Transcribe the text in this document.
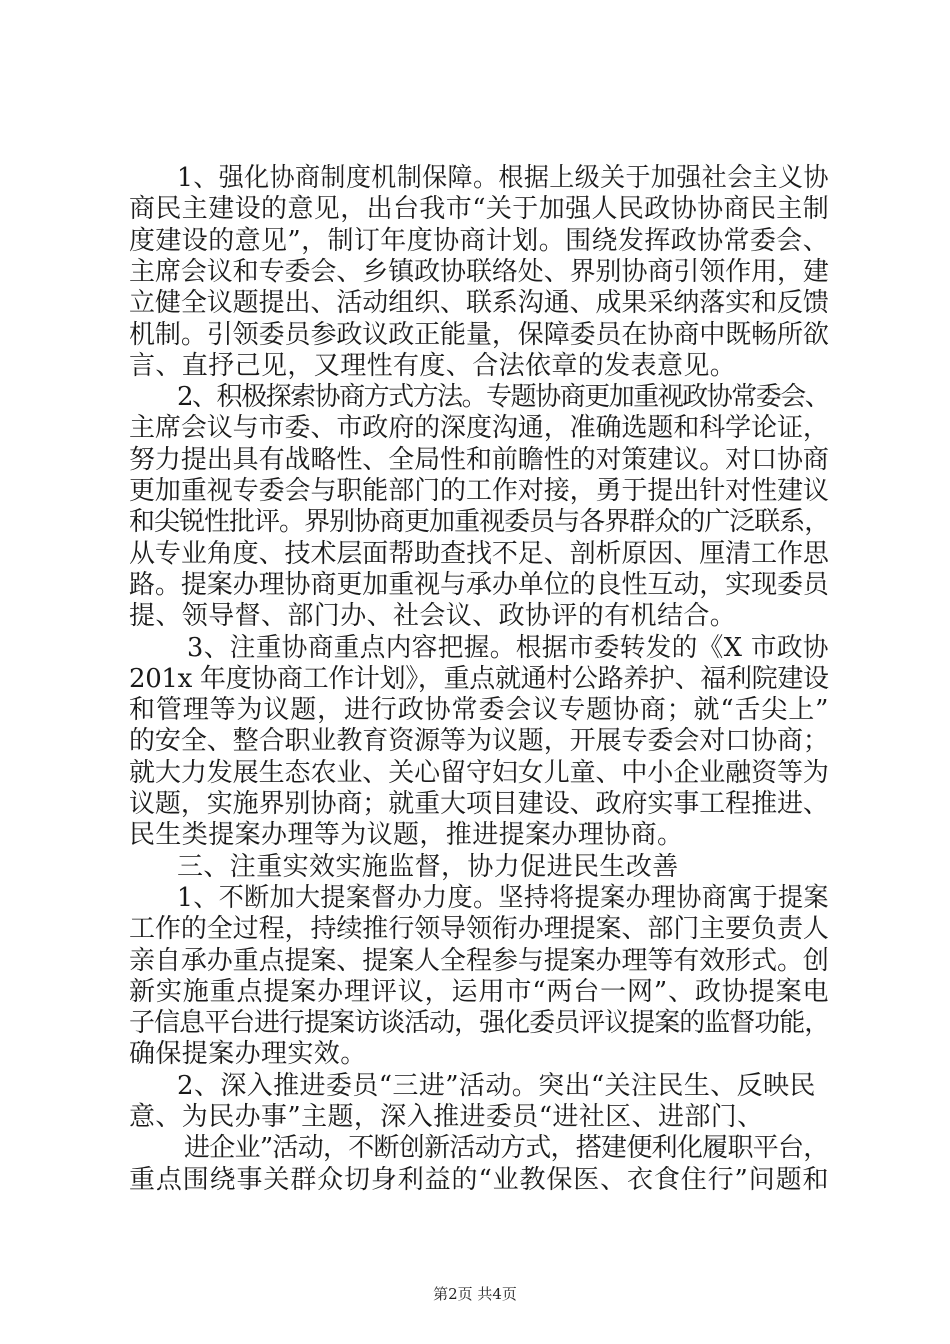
1、强化协商制度机制保障。根据上级关于加强社会主义协
商民主建设的意见，出台我市“关于加强人民政协协商民主制
度建设的意见”，制订年度协商计划。围绕发挥政协常委会、
主席会议和专委会、乡镇政协联络处、界别协商引领作用，建
立健全议题提出、活动组织、联系沟通、成果采纳落实和反馈
机制。引领委员参政议政正能量，保障委员在协商中既畅所欲
言、直抒己见，又理性有度、合法依章的发表意见。
2、积极探索协商方式方法。专题协商更加重视政协常委会、
主席会议与市委、市政府的深度沟通，准确选题和科学论证，
努力提出具有战略性、全局性和前瞻性的对策建议。对口协商
更加重视专委会与职能部门的工作对接，勇于提出针对性建议
和尖锐性批评。界别协商更加重视委员与各界群众的广泛联系，
从专业角度、技术层面帮助查找不足、剖析原因、厘清工作思
路。提案办理协商更加重视与承办单位的良性互动，实现委员
提、领导督、部门办、社会议、政协评的有机结合。
3、注重协商重点内容把握。根据市委转发的《X 市政协
201x 年度协商工作计划》，重点就通村公路养护、福利院建设
和管理等为议题，进行政协常委会议专题协商；就“舌尖上”
的安全、整合职业教育资源等为议题，开展专委会对口协商；
就大力发展生态农业、关心留守妇女儿童、中小企业融资等为
议题，实施界别协商；就重大项目建设、政府实事工程推进、
民生类提案办理等为议题，推进提案办理协商。
三、注重实效实施监督，协力促进民生改善
1、不断加大提案督办力度。坚持将提案办理协商寓于提案
工作的全过程，持续推行领导领衔办理提案、部门主要负责人
亲自承办重点提案、提案人全程参与提案办理等有效形式。创
新实施重点提案办理评议，运用市“两台一网”、政协提案电
子信息平台进行提案访谈活动，强化委员评议提案的监督功能，
确保提案办理实效。
2、深入推进委员“三进”活动。突出“关注民生、反映民
意、为民办事”主题，深入推进委员“进社区、进部门、
进企业”活动，不断创新活动方式，搭建便利化履职平台，
重点围绕事关群众切身利益的“业教保医、衣食住行”问题和
第2页 共4页
